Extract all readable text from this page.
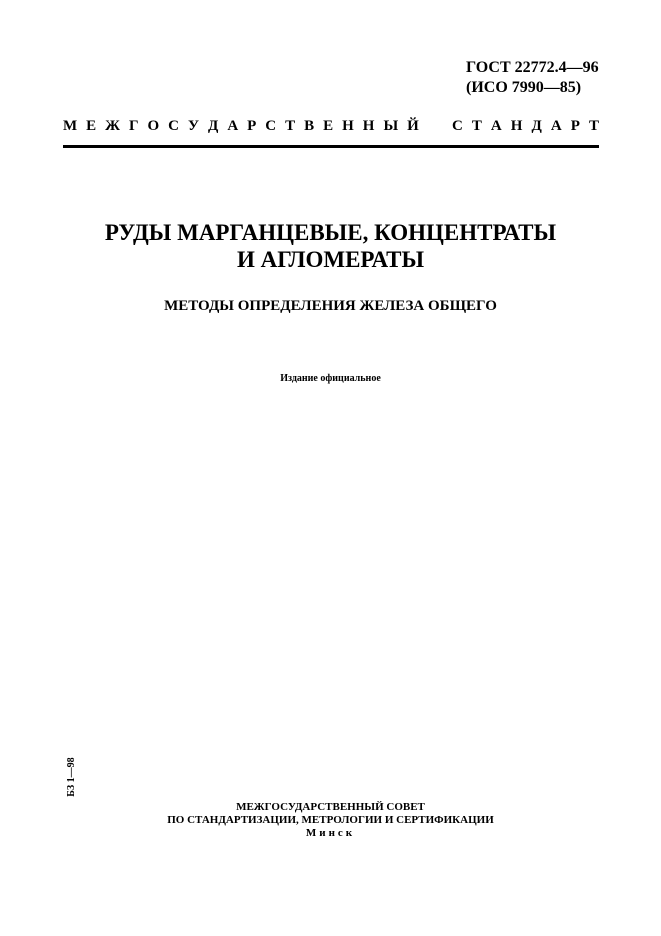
ГОСТ 22772.4—96
(ИСО 7990—85)
М Е Ж Г О С У Д А Р С Т В Е Н Н Ы Й С Т А Н Д А Р Т
РУДЫ МАРГАНЦЕВЫЕ, КОНЦЕНТРАТЫ
И АГЛОМЕРАТЫ
МЕТОДЫ ОПРЕДЕЛЕНИЯ ЖЕЛЕЗА ОБЩЕГО
Издание официальное
БЗ 1—98
МЕЖГОСУДАРСТВЕННЫЙ СОВЕТ
ПО СТАНДАРТИЗАЦИИ, МЕТРОЛОГИИ И СЕРТИФИКАЦИИ
Минск
